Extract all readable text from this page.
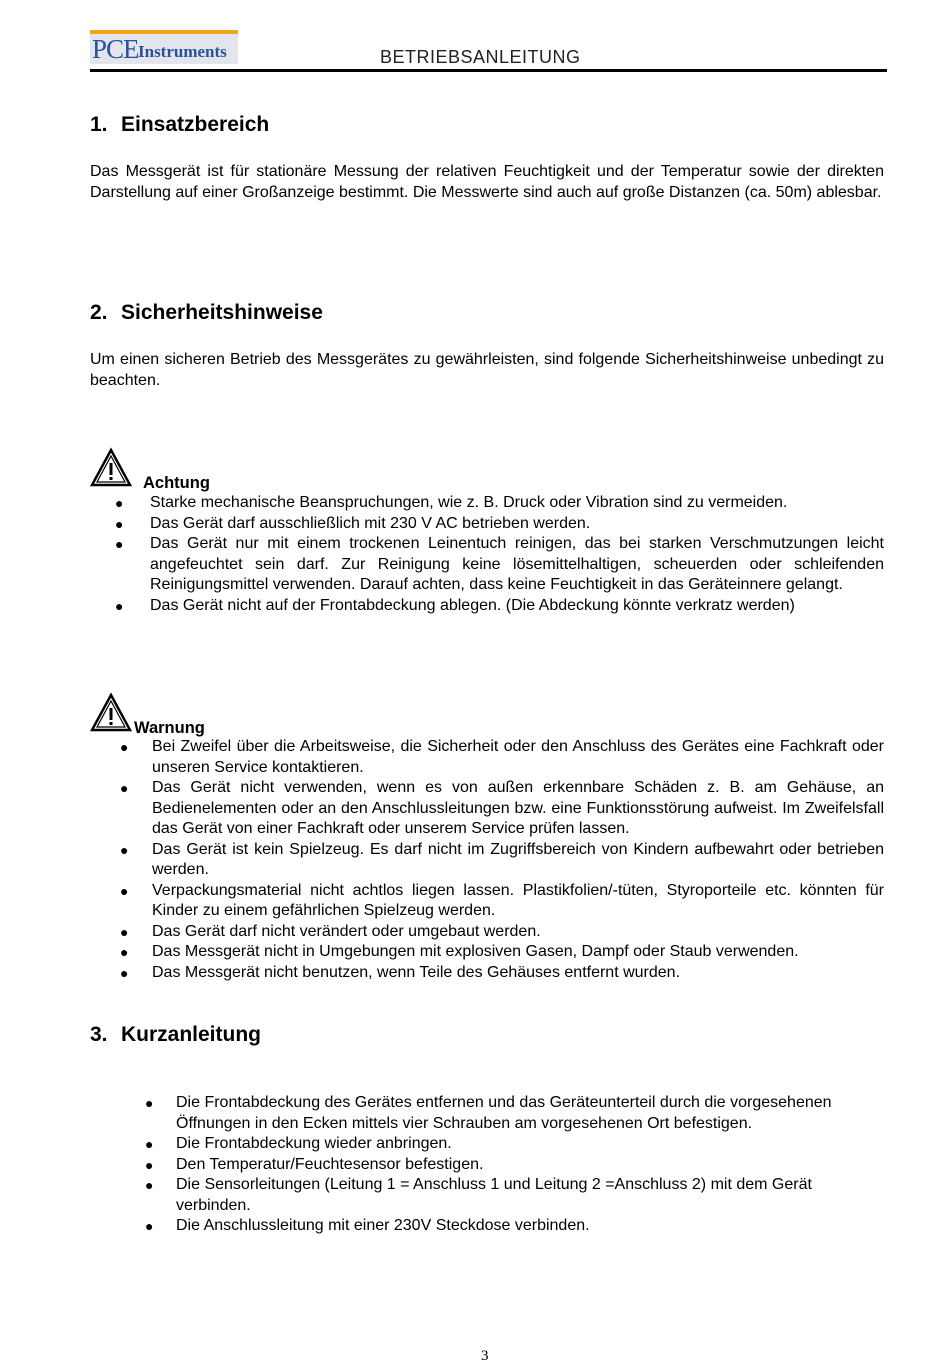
PCE Instruments	BETRIEBSANLEITUNG
1. Einsatzbereich

Das Messgerät ist für stationäre Messung der relativen Feuchtigkeit und der Temperatur sowie der direkten Darstellung auf einer Großanzeige bestimmt. Die Messwerte sind auch auf große Distanzen (ca. 50m) ablesbar.

2. Sicherheitshinweise

Um einen sicheren Betrieb des Messgerätes zu gewährleisten, sind folgende Sicherheitshinweise unbedingt zu beachten.

Achtung
● Starke mechanische Beanspruchungen, wie z. B. Druck oder Vibration sind zu vermeiden.
● Das Gerät darf ausschließlich mit 230 V AC betrieben werden.
● Das Gerät nur mit einem trockenen Leinentuch reinigen, das bei starken Verschmutzungen leicht angefeuchtet sein darf. Zur Reinigung keine lösemittelhaltigen, scheuerden oder schleifenden Reinigungsmittel verwenden. Darauf achten, dass keine Feuchtigkeit in das Geräteinnere gelangt.
● Das Gerät nicht auf der Frontabdeckung ablegen. (Die Abdeckung könnte verkratz werden)
Warnung
● Bei Zweifel über die Arbeitsweise, die Sicherheit oder den Anschluss des Gerätes eine Fachkraft oder unseren Service kontaktieren.
● Das Gerät nicht verwenden, wenn es von außen erkennbare Schäden z. B. am Gehäuse, an Bedienelementen oder an den Anschlussleitungen bzw. eine Funktionsstörung aufweist. Im Zweifelsfall das Gerät von einer Fachkraft oder unserem Service prüfen lassen.
● Das Gerät ist kein Spielzeug. Es darf nicht im Zugriffsbereich von Kindern aufbewahrt oder betrieben werden.
● Verpackungsmaterial nicht achtlos liegen lassen. Plastikfolien/-tüten, Styroporteile etc. könnten für Kinder zu einem gefährlichen Spielzeug werden.
● Das Gerät darf nicht verändert oder umgebaut werden.
● Das Messgerät nicht in Umgebungen mit explosiven Gasen, Dampf oder Staub verwenden.
● Das Messgerät nicht benutzen, wenn Teile des Gehäuses entfernt wurden.
3. Kurzanleitung
● Die Frontabdeckung des Gerätes entfernen und das Geräteunterteil durch die vorgesehenen Öffnungen in den Ecken mittels vier Schrauben am vorgesehenen Ort befestigen.
● Die Frontabdeckung wieder anbringen.
● Den Temperatur/Feuchtesensor befestigen.
● Die Sensorleitungen (Leitung 1 = Anschluss 1 und Leitung 2 =Anschluss 2) mit dem Gerät verbinden.
● Die Anschlussleitung mit einer 230V Steckdose verbinden.
3
